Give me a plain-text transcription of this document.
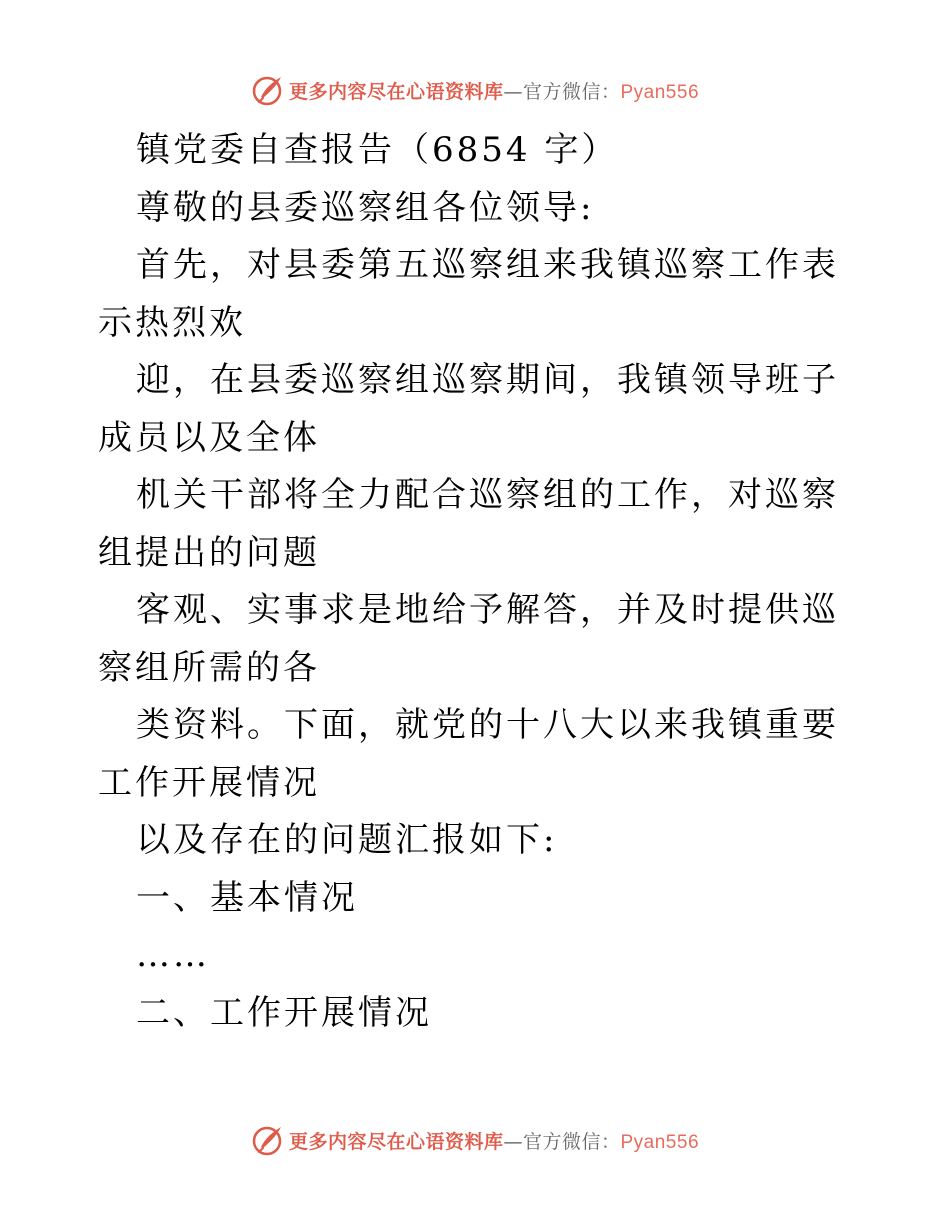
更多内容尽在心语资料库—官方微信：Pyan556

镇党委自查报告（6854 字）

尊敬的县委巡察组各位领导:

首先，对县委第五巡察组来我镇巡察工作表示热烈欢

迎，在县委巡察组巡察期间，我镇领导班子成员以及全体

机关干部将全力配合巡察组的工作，对巡察组提出的问题

客观、实事求是地给予解答，并及时提供巡察组所需的各

类资料。下面，就党的十八大以来我镇重要工作开展情况

以及存在的问题汇报如下:

一、基本情况

……

二、工作开展情况

更多内容尽在心语资料库—官方微信：Pyan556
